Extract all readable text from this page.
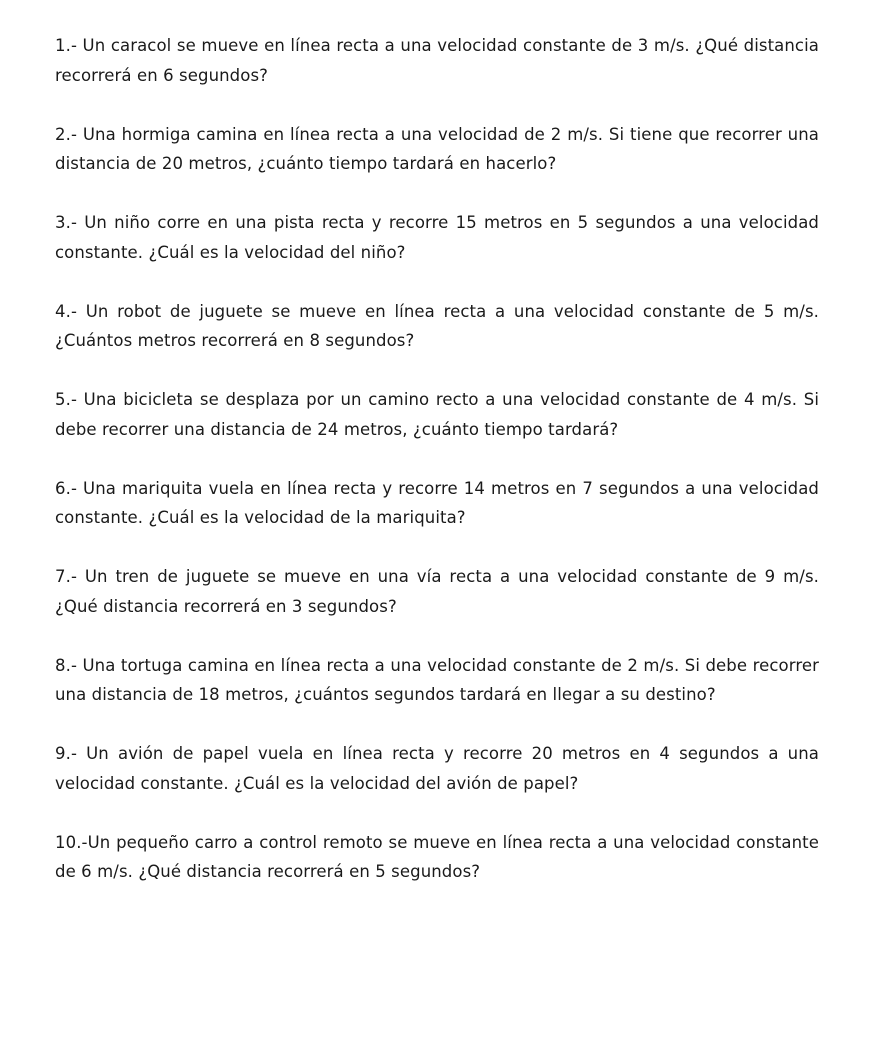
1.- Un caracol se mueve en línea recta a una velocidad constante de 3 m/s. ¿Qué distancia recorrerá en 6 segundos?

2.- Una hormiga camina en línea recta a una velocidad de 2 m/s. Si tiene que recorrer una distancia de 20 metros, ¿cuánto tiempo tardará en hacerlo?

3.- Un niño corre en una pista recta y recorre 15 metros en 5 segundos a una velocidad constante. ¿Cuál es la velocidad del niño?

4.- Un robot de juguete se mueve en línea recta a una velocidad constante de 5 m/s. ¿Cuántos metros recorrerá en 8 segundos?

5.- Una bicicleta se desplaza por un camino recto a una velocidad constante de 4 m/s. Si debe recorrer una distancia de 24 metros, ¿cuánto tiempo tardará?

6.- Una mariquita vuela en línea recta y recorre 14 metros en 7 segundos a una velocidad constante. ¿Cuál es la velocidad de la mariquita?

7.- Un tren de juguete se mueve en una vía recta a una velocidad constante de 9 m/s. ¿Qué distancia recorrerá en 3 segundos?

8.- Una tortuga camina en línea recta a una velocidad constante de 2 m/s. Si debe recorrer una distancia de 18 metros, ¿cuántos segundos tardará en llegar a su destino?

9.- Un avión de papel vuela en línea recta y recorre 20 metros en 4 segundos a una velocidad constante. ¿Cuál es la velocidad del avión de papel?

10.-Un pequeño carro a control remoto se mueve en línea recta a una velocidad constante de 6 m/s. ¿Qué distancia recorrerá en 5 segundos?
